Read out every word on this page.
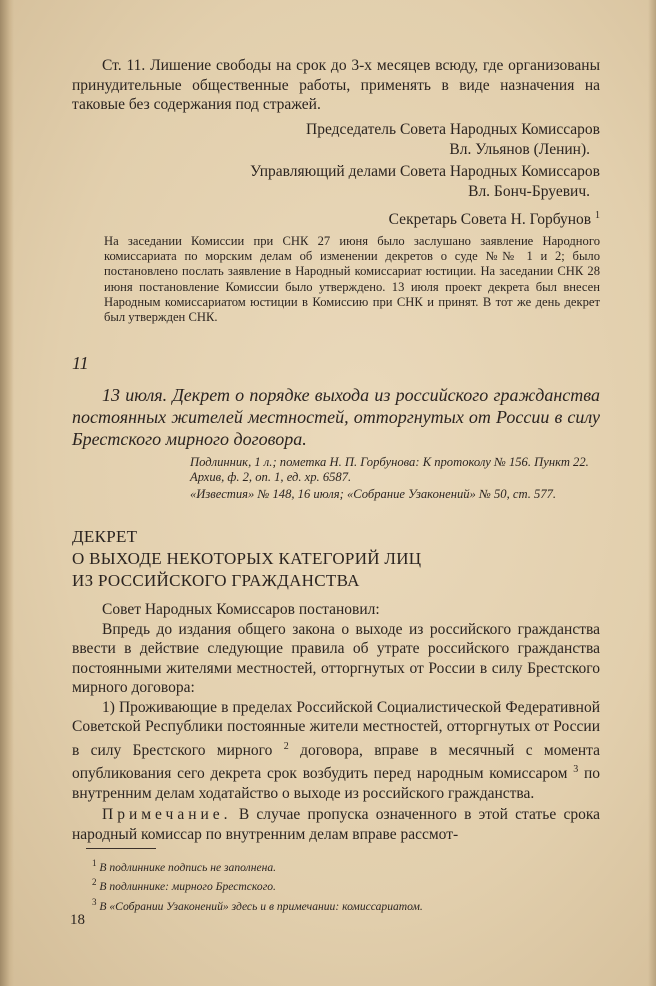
Ст. 11. Лишение свободы на срок до 3-х месяцев всюду, где организованы принудительные общественные работы, применять в виде назначения на таковые без содержания под стражей.

Председатель Совета Народных Комиссаров

Вл. Ульянов (Ленин).

Управляющий делами Совета Народных Комиссаров

Вл. Бонч-Бруевич.

Секретарь Совета Н. Горбунов $^1$

На заседании Комиссии при СНК 27 июня было заслушано заявление Народного комиссариата по морским делам об изменении декретов о суде №№ 1 и 2; было постановлено послать заявление в Народный комиссариат юстиции. На заседании СНК 28 июня постановление Комиссии было утверждено. 13 июля проект декрета был внесен Народным комиссариатом юстиции в Комиссию при СНК и принят. В тот же день декрет был утвержден СНК.

11

13 июля. Декрет о порядке выхода из российского гражданства постоянных жителей местностей, отторгнутых от России в силу Брестского мирного договора.

Подлинник, 1 л.; пометка Н. П. Горбунова: К протоколу № 156. Пункт 22. Архив, ф. 2, оп. 1, ед. хр. 6587.

«Известия» № 148, 16 июля; «Собрание Узаконений» № 50, ст. 577.

ДЕКРЕТ

О ВЫХОДЕ НЕКОТОРЫХ КАТЕГОРИЙ ЛИЦ

ИЗ РОССИЙСКОГО ГРАЖДАНСТВА

Совет Народных Комиссаров постановил:

Впредь до издания общего закона о выходе из российского гражданства ввести в действие следующие правила об утрате российского гражданства постоянными жителями местностей, отторгнутых от России в силу Брестского мирного договора:

1) Проживающие в пределах Российской Социалистической Федеративной Советской Республики постоянные жители местностей, отторгнутых от России в силу Брестского мирного $^2$ договора, вправе в месячный с момента опубликования сего декрета срок возбудить перед народным комиссаром $^3$ по внутренним делам ходатайство о выходе из российского гражданства.

Примечание. В случае пропуска означенного в этой статье срока народный комиссар по внутренним делам вправе рассмот-

$^1$ В подлиннике подпись не заполнена.

$^2$ В подлиннике: мирного Брестского.

$^3$ В «Собрании Узаконений» здесь и в примечании: комиссариатом.

18
